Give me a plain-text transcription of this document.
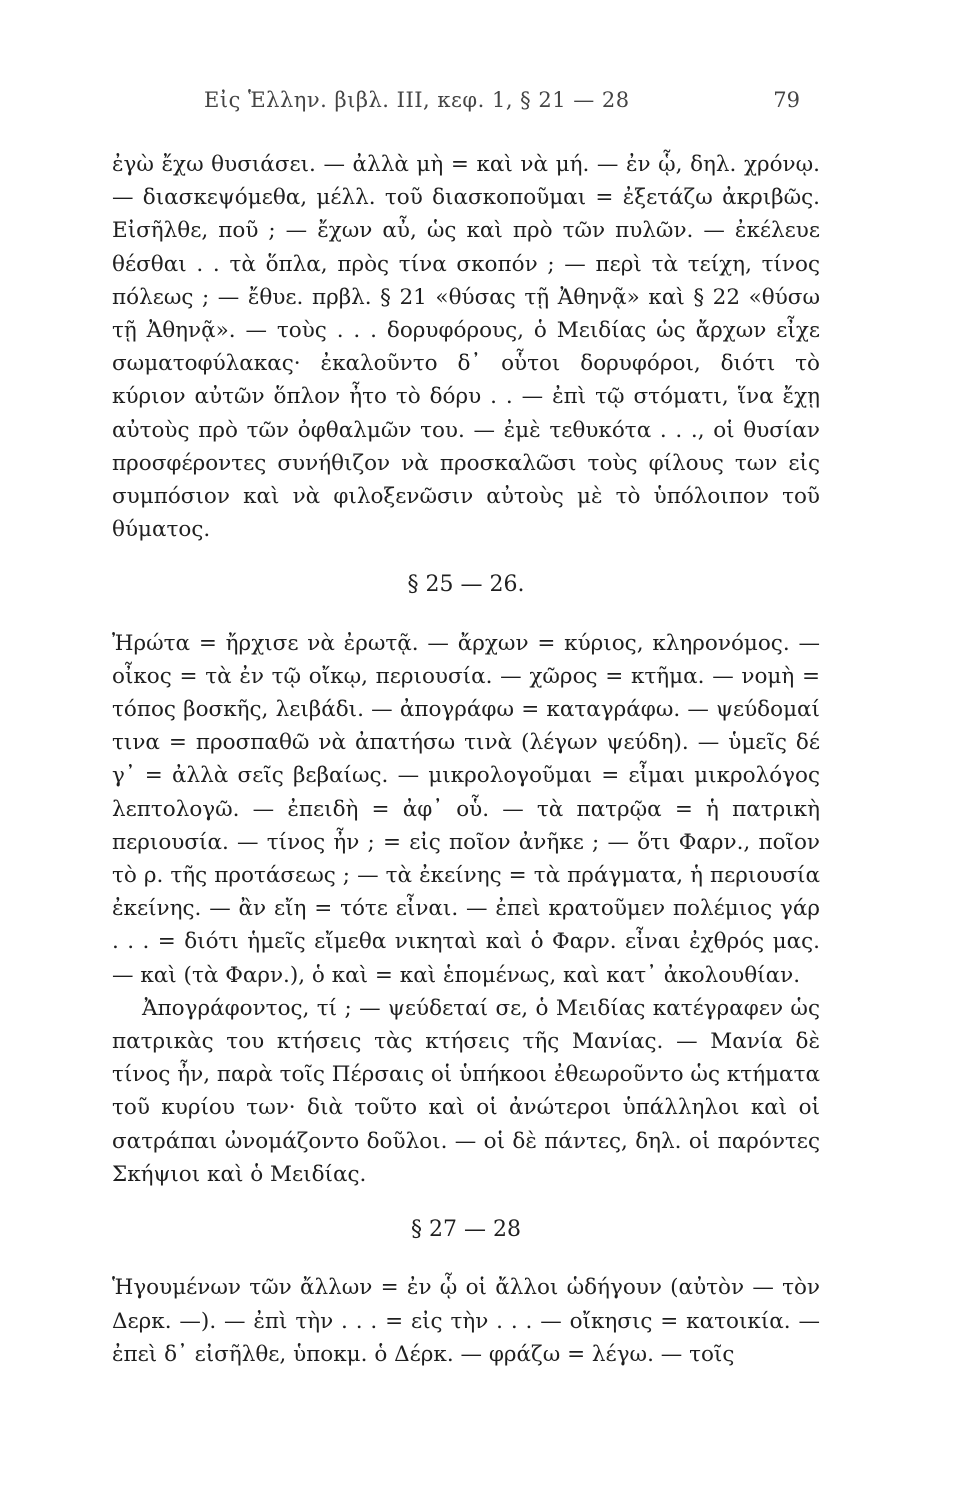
Εἰς Ἑλλην. βιβλ. ΙΙΙ, κεφ. 1, § 21 — 28	79

ἐγὼ ἔχω θυσιάσει. — ἀλλὰ μὴ = καὶ νὰ μή. — ἐν ᾧ, δηλ. χρόνῳ. — διασκεψόμεθα, μέλλ. τοῦ διασκοποῦμαι = ἐξετάζω ἀκριβῶς. Εἰσῆλθε, ποῦ ; — ἔχων αὖ, ὡς καὶ πρὸ τῶν πυλῶν. — ἐκέλευε θέσθαι . . τὰ ὅπλα, πρὸς τίνα σκοπόν ; — περὶ τὰ τείχη, τίνος πόλεως ; — ἔθυε. πρβλ. § 21 «θύσας τῇ Ἀθηνᾷ» καὶ § 22 «θύσω τῇ Ἀθηνᾷ». — τοὺς . . . δορυφόρους, ὁ Μειδίας ὡς ἄρχων εἶχε σωματοφύλακας· ἐκαλοῦντο δ᾽ οὗτοι δορυφόροι, διότι τὸ κύριον αὐτῶν ὅπλον ἦτο τὸ δόρυ . . — ἐπὶ τῷ στόματι, ἵνα ἔχῃ αὐτοὺς πρὸ τῶν ὀφθαλμῶν του. — ἐμὲ τεθυκότα . . ., οἱ θυσίαν προσφέροντες συνήθιζον νὰ προσκαλῶσι τοὺς φίλους των εἰς συμπόσιον καὶ νὰ φιλοξενῶσιν αὐτοὺς μὲ τὸ ὑπόλοιπον τοῦ θύματος.

§ 25 — 26.

Ἠρώτα = ἤρχισε νὰ ἐρωτᾷ. — ἄρχων = κύριος, κληρονόμος. — οἶκος = τὰ ἐν τῷ οἴκῳ, περιουσία. — χῶρος = κτῆμα. — νομὴ = τόπος βοσκῆς, λειβάδι. — ἀπογράφω = καταγράφω. — ψεύδομαί τινα = προσπαθῶ νὰ ἀπατήσω τινὰ (λέγων ψεύδη). — ὑμεῖς δέ γ᾽ = ἀλλὰ σεῖς βεβαίως. — μικρολογοῦμαι = εἶμαι μικρολόγος λεπτολογῶ. — ἐπειδὴ = ἀφ᾽ οὗ. — τὰ πατρῷα = ἡ πατρικὴ περιουσία. — τίνος ἦν ; = εἰς ποῖον ἀνῆκε ; — ὅτι Φαρν., ποῖον τὸ ρ. τῆς προτάσεως ; — τὰ ἐκείνης = τὰ πράγματα, ἡ περιουσία ἐκείνης. — ἂν εἴη = τότε εἶναι. — ἐπεὶ κρατοῦμεν πολέμιος γάρ . . . = διότι ἡμεῖς εἴμεθα νικηταὶ καὶ ὁ Φαρν. εἶναι ἐχθρός μας. — καὶ (τὰ Φαρν.), ὁ καὶ = καὶ ἑπομένως, καὶ κατ᾽ ἀκολουθίαν.

Ἀπογράφοντος, τί ; — ψεύδεταί σε, ὁ Μειδίας κατέγραφεν ὡς πατρικὰς του κτήσεις τὰς κτήσεις τῆς Μανίας. — Μανία δὲ τίνος ἦν, παρὰ τοῖς Πέρσαις οἱ ὑπήκοοι ἐθεωροῦντο ὡς κτήματα τοῦ κυρίου των· διὰ τοῦτο καὶ οἱ ἀνώτεροι ὑπάλληλοι καὶ οἱ σατράπαι ὠνομάζοντο δοῦλοι. — οἱ δὲ πάντες, δηλ. οἱ παρόντες Σκήψιοι καὶ ὁ Μειδίας.

§ 27 — 28

Ἡγουμένων τῶν ἄλλων = ἐν ᾧ οἱ ἄλλοι ὡδήγουν (αὐτὸν — τὸν Δερκ. —). — ἐπὶ τὴν . . . = εἰς τὴν . . . — οἴκησις = κατοικία. — ἐπεὶ δ᾽ εἰσῆλθε, ὑποκμ. ὁ Δέρκ. — φράζω = λέγω. — τοῖς
